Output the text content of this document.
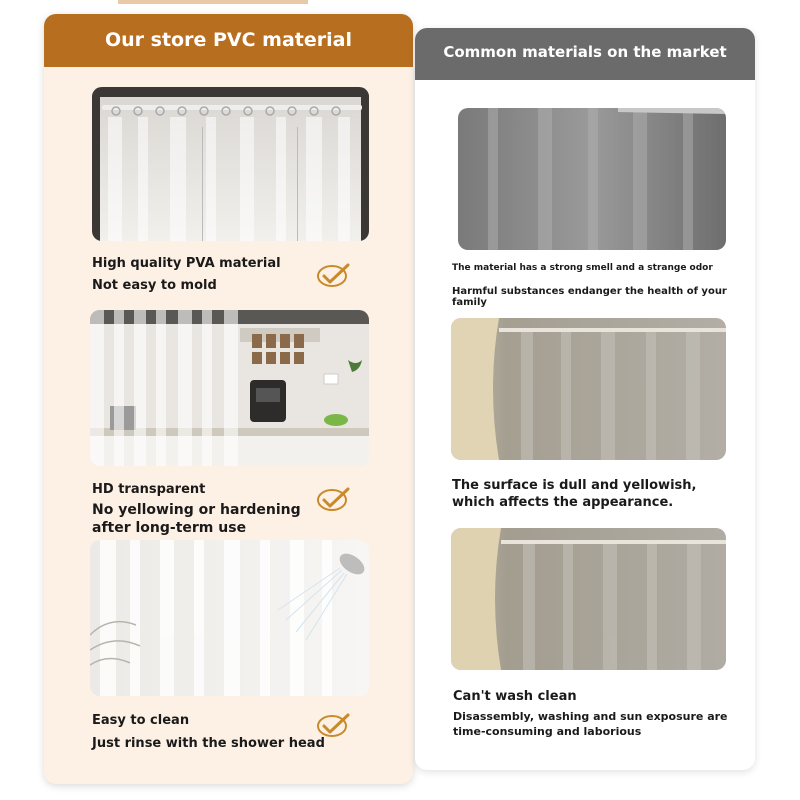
Our store PVC material
High quality PVA material
Not easy to mold
HD transparent
No yellowing or hardening after long-term use
Easy to clean
Just rinse with the shower head
Common materials on the market
The material has a strong smell and a strange odor
Harmful substances endanger the health of your family
The surface is dull and yellowish, which affects the appearance.
Can't wash clean
Disassembly, washing and sun exposure are time-consuming and laborious
